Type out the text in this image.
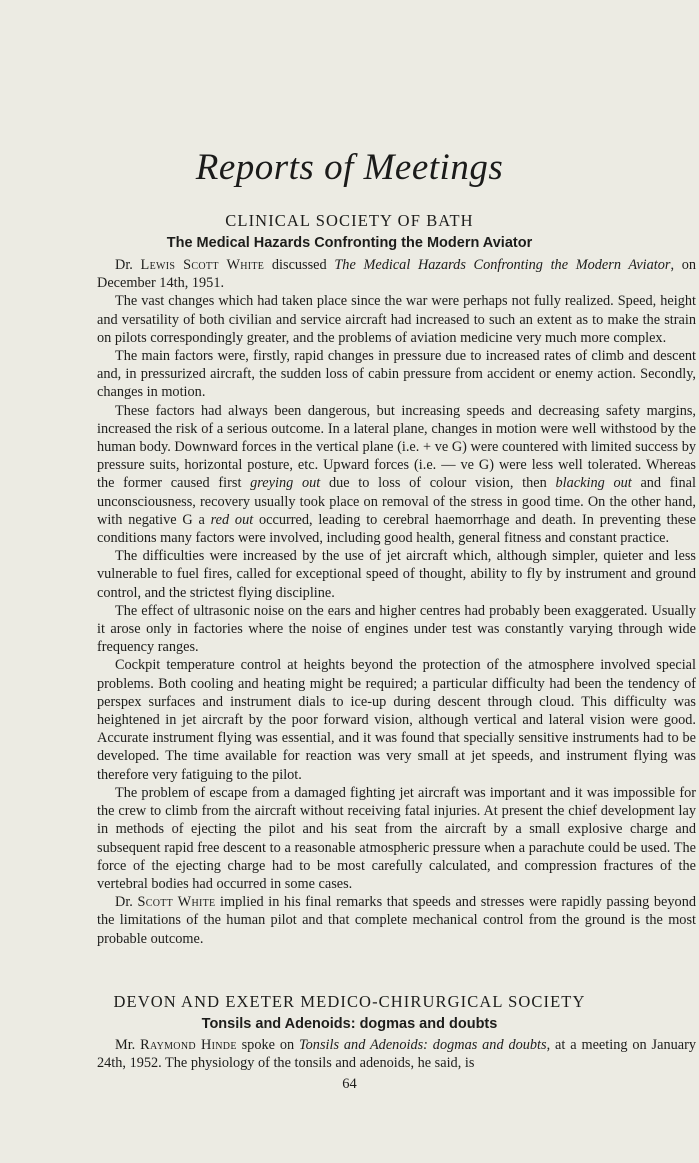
Reports of Meetings
CLINICAL SOCIETY OF BATH
The Medical Hazards Confronting the Modern Aviator

Dr. Lewis Scott White discussed The Medical Hazards Confronting the Modern Aviator, on December 14th, 1951.

The vast changes which had taken place since the war were perhaps not fully realized. Speed, height and versatility of both civilian and service aircraft had increased to such an extent as to make the strain on pilots correspondingly greater, and the problems of aviation medicine very much more complex.

The main factors were, firstly, rapid changes in pressure due to increased rates of climb and descent and, in pressurized aircraft, the sudden loss of cabin pressure from accident or enemy action. Secondly, changes in motion.

These factors had always been dangerous, but increasing speeds and decreasing safety margins, increased the risk of a serious outcome. In a lateral plane, changes in motion were well withstood by the human body. Downward forces in the vertical plane (i.e. + ve G) were countered with limited success by pressure suits, horizontal posture, etc. Upward forces (i.e. — ve G) were less well tolerated. Whereas the former caused first greying out due to loss of colour vision, then blacking out and final unconsciousness, recovery usually took place on removal of the stress in good time. On the other hand, with negative G a red out occurred, leading to cerebral haemorrhage and death. In preventing these conditions many factors were involved, including good health, general fitness and constant practice.

The difficulties were increased by the use of jet aircraft which, although simpler, quieter and less vulnerable to fuel fires, called for exceptional speed of thought, ability to fly by instrument and ground control, and the strictest flying discipline.

The effect of ultrasonic noise on the ears and higher centres had probably been exaggerated. Usually it arose only in factories where the noise of engines under test was constantly varying through wide frequency ranges.

Cockpit temperature control at heights beyond the protection of the atmosphere involved special problems. Both cooling and heating might be required; a particular difficulty had been the tendency of perspex surfaces and instrument dials to ice-up during descent through cloud. This difficulty was heightened in jet aircraft by the poor forward vision, although vertical and lateral vision were good. Accurate instrument flying was essential, and it was found that specially sensitive instruments had to be developed. The time available for reaction was very small at jet speeds, and instrument flying was therefore very fatiguing to the pilot.

The problem of escape from a damaged fighting jet aircraft was important and it was impossible for the crew to climb from the aircraft without receiving fatal injuries. At present the chief development lay in methods of ejecting the pilot and his seat from the aircraft by a small explosive charge and subsequent rapid free descent to a reasonable atmospheric pressure when a parachute could be used. The force of the ejecting charge had to be most carefully calculated, and compression fractures of the vertebral bodies had occurred in some cases.

Dr. Scott White implied in his final remarks that speeds and stresses were rapidly passing beyond the limitations of the human pilot and that complete mechanical control from the ground is the most probable outcome.

DEVON AND EXETER MEDICO-CHIRURGICAL SOCIETY
Tonsils and Adenoids: dogmas and doubts

Mr. Raymond Hinde spoke on Tonsils and Adenoids: dogmas and doubts, at a meeting on January 24th, 1952. The physiology of the tonsils and adenoids, he said, is

64
